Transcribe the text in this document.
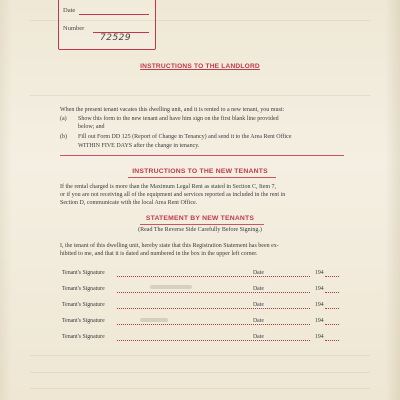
Date
Number
72529
INSTRUCTIONS TO THE LANDLORD
When the present tenant vacates this dwelling unit, and it is rented to a new tenant, you must:
(a) Show this form to the new tenant and have him sign on the first blank line provided
below; and
(b) Fill out Form DD 125 (Report of Change in Tenancy) and send it to the Area Rent Office
WITHIN FIVE DAYS after the change in tenancy.
INSTRUCTIONS TO THE NEW TENANTS
If the rental charged is more than the Maximum Legal Rent as stated in Section C, Item 7,
or if you are not receiving all of the equipment and services reported as included in the rent in
Section D, communicate with the local Area Rent Office.
STATEMENT BY NEW TENANTS
(Read The Reverse Side Carefully Before Signing.)
I, the tenant of this dwelling unit, hereby state that this Registration Statement has been ex-
hibited to me, and that it is dated and numbered in the box in the upper left corner.
Tenant's Signature	Date	194
Tenant's Signature	Date	194
Tenant's Signature	Date	194
Tenant's Signature	Date	194
Tenant's Signature	Date	194
